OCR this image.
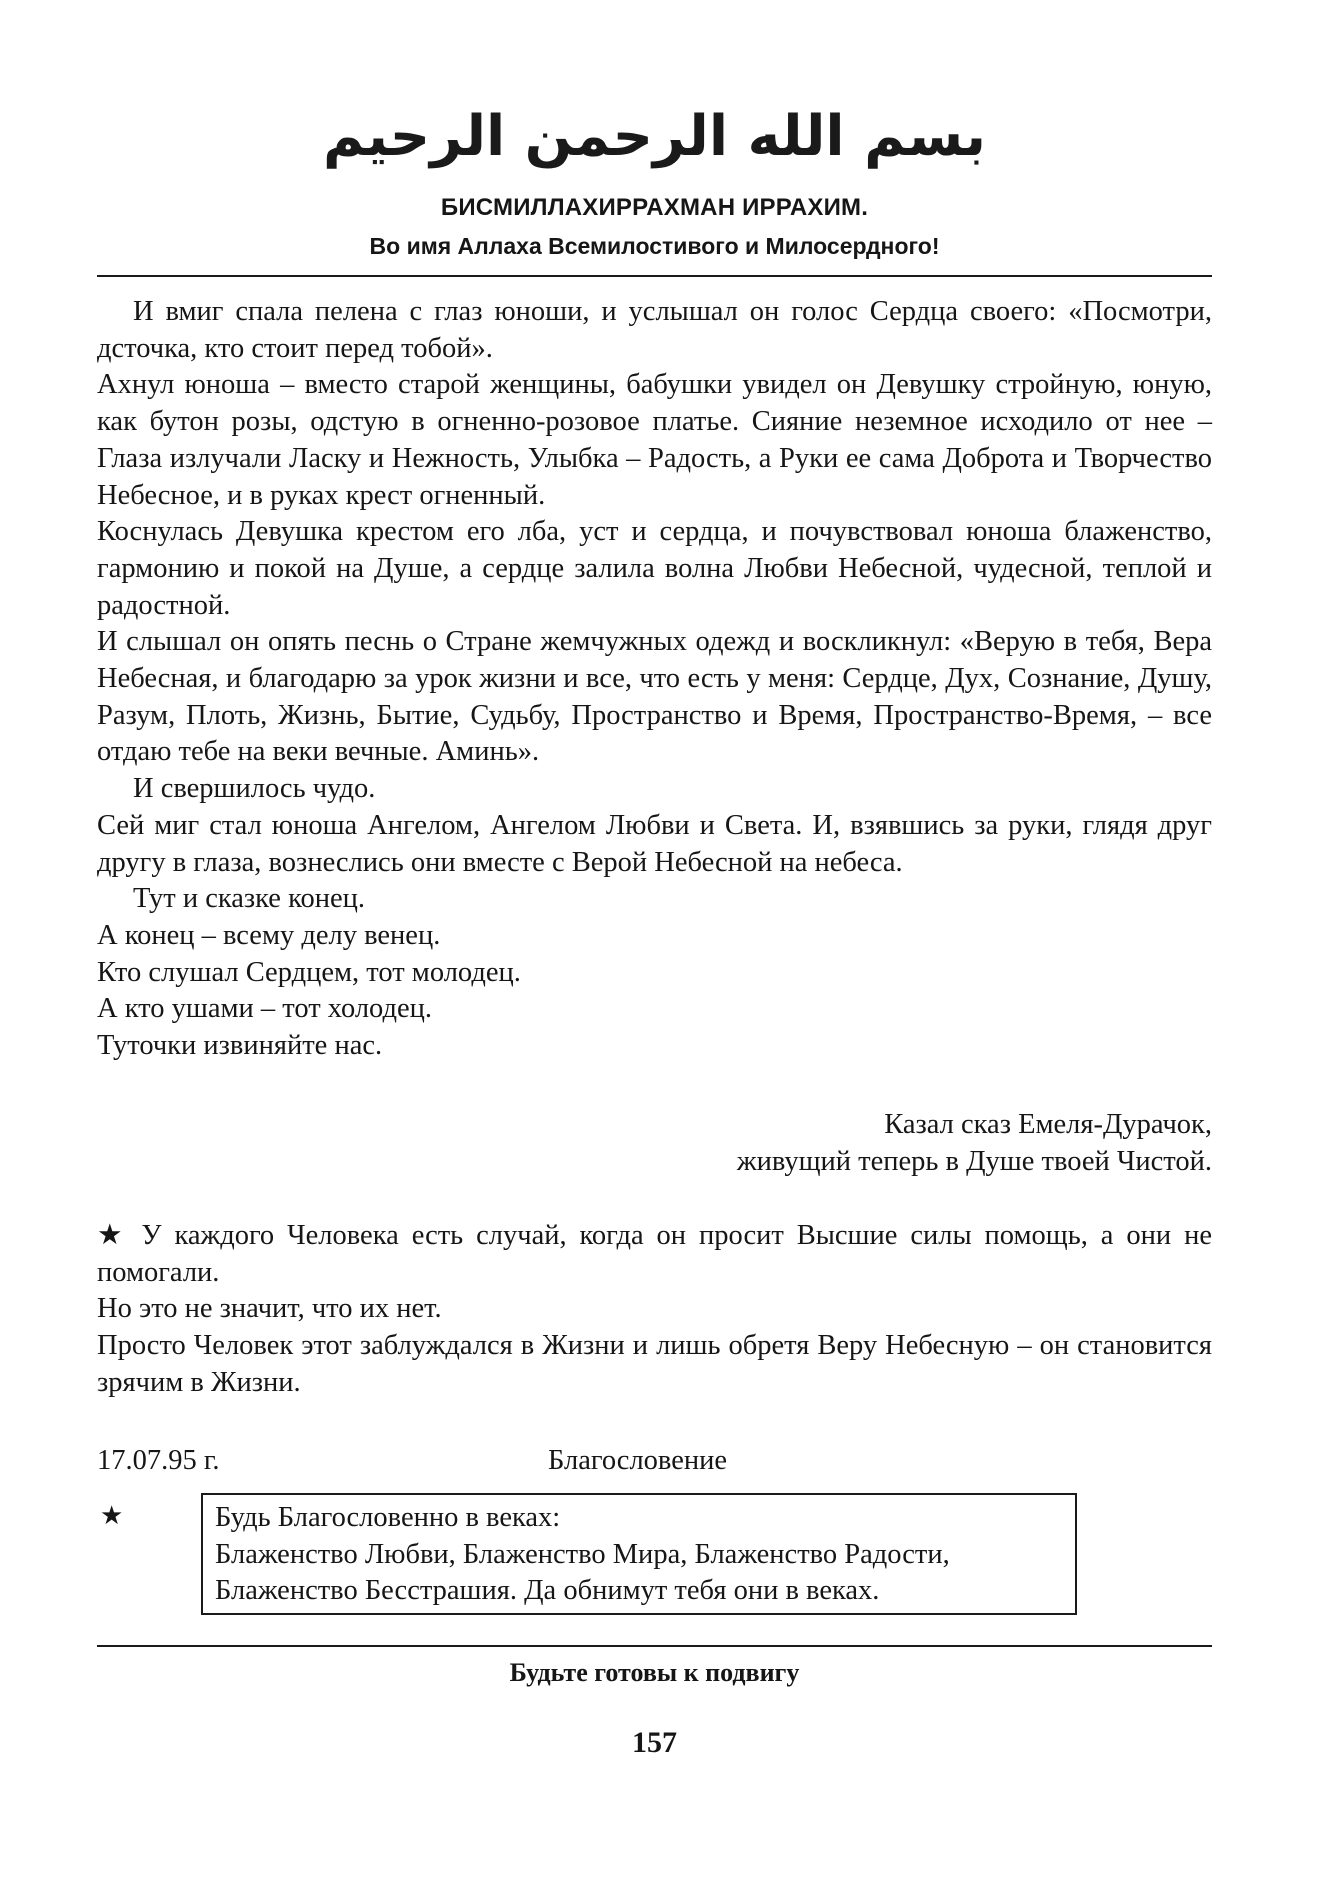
بسم الله الرحمن الرحيم
БИСМИЛЛАХИРРАХМАН ИРРАХИМ.
Во имя Аллаха Всемилостивого и Милосердного!

И вмиг спала пелена с глаз юноши, и услышал он голос Сердца своего: «Посмотри, дсточка, кто стоит перед тобой».

Ахнул юноша – вместо старой женщины, бабушки увидел он Девушку стройную, юную, как бутон розы, одстую в огненно-розовое платье. Сияние неземное исходило от нее – Глаза излучали Ласку и Нежность, Улыбка – Радость, а Руки ее сама Доброта и Творчество Небесное, и в руках крест огненный.

Коснулась Девушка крестом его лба, уст и сердца, и почувствовал юноша блаженство, гармонию и покой на Душе, а сердце залила волна Любви Небесной, чудесной, теплой и радостной.

И слышал он опять песнь о Стране жемчужных одежд и воскликнул: «Верую в тебя, Вера Небесная, и благодарю за урок жизни и все, что есть у меня: Сердце, Дух, Сознание, Душу, Разум, Плоть, Жизнь, Бытие, Судьбу, Пространство и Время, Пространство-Время, – все отдаю тебе на веки вечные. Аминь».

И свершилось чудо.

Сей миг стал юноша Ангелом, Ангелом Любви и Света. И, взявшись за руки, глядя друг другу в глаза, вознеслись они вместе с Верой Небесной на небеса.

Тут и сказке конец.

А конец – всему делу венец.

Кто слушал Сердцем, тот молодец.

А кто ушами – тот холодец.

Туточки извиняйте нас.

Казал сказ Емеля-Дурачок,
живущий теперь в Душе твоей Чистой.

★ У каждого Человека есть случай, когда он просит Высшие силы помощь, а они не помогали.

Но это не значит, что их нет.

Просто Человек этот заблуждался в Жизни и лишь обретя Веру Небесную – он становится зрячим в Жизни.

17.07.95 г.	Благословение
★	Будь Благословенно в веках:
Блаженство Любви, Блаженство Мира, Блаженство Радости,
Блаженство Бесстрашия. Да обнимут тебя они в веках.
Будьте готовы к подвигу
157
